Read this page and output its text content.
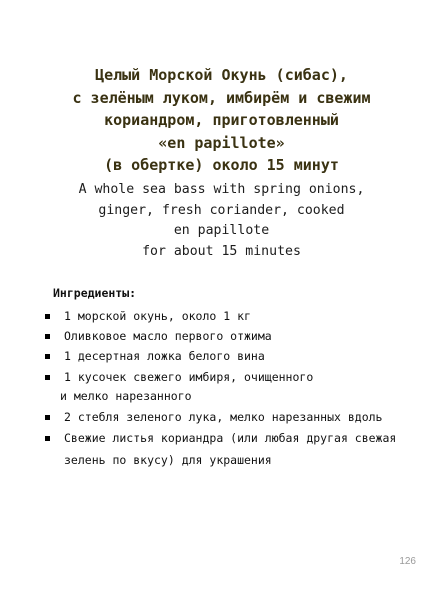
Целый Морской Окунь (сибас),
с зелёным луком, имбирём и свежим
кориандром, приготовленный
«en papillote»
(в обертке) около 15 минут
A whole sea bass with spring onions,
ginger, fresh coriander, cooked
en papillote
for about 15 minutes
Ингредиенты:
1 морской окунь, около 1 кг
Оливковое масло первого отжима
1 десертная ложка белого вина
1 кусочек свежего имбиря, очищенного
и мелко нарезанного
2 стебля зеленого лука, мелко нарезанных вдоль
Свежие листья кориандра (или любая другая свежая
зелень по вкусу) для украшения
126
